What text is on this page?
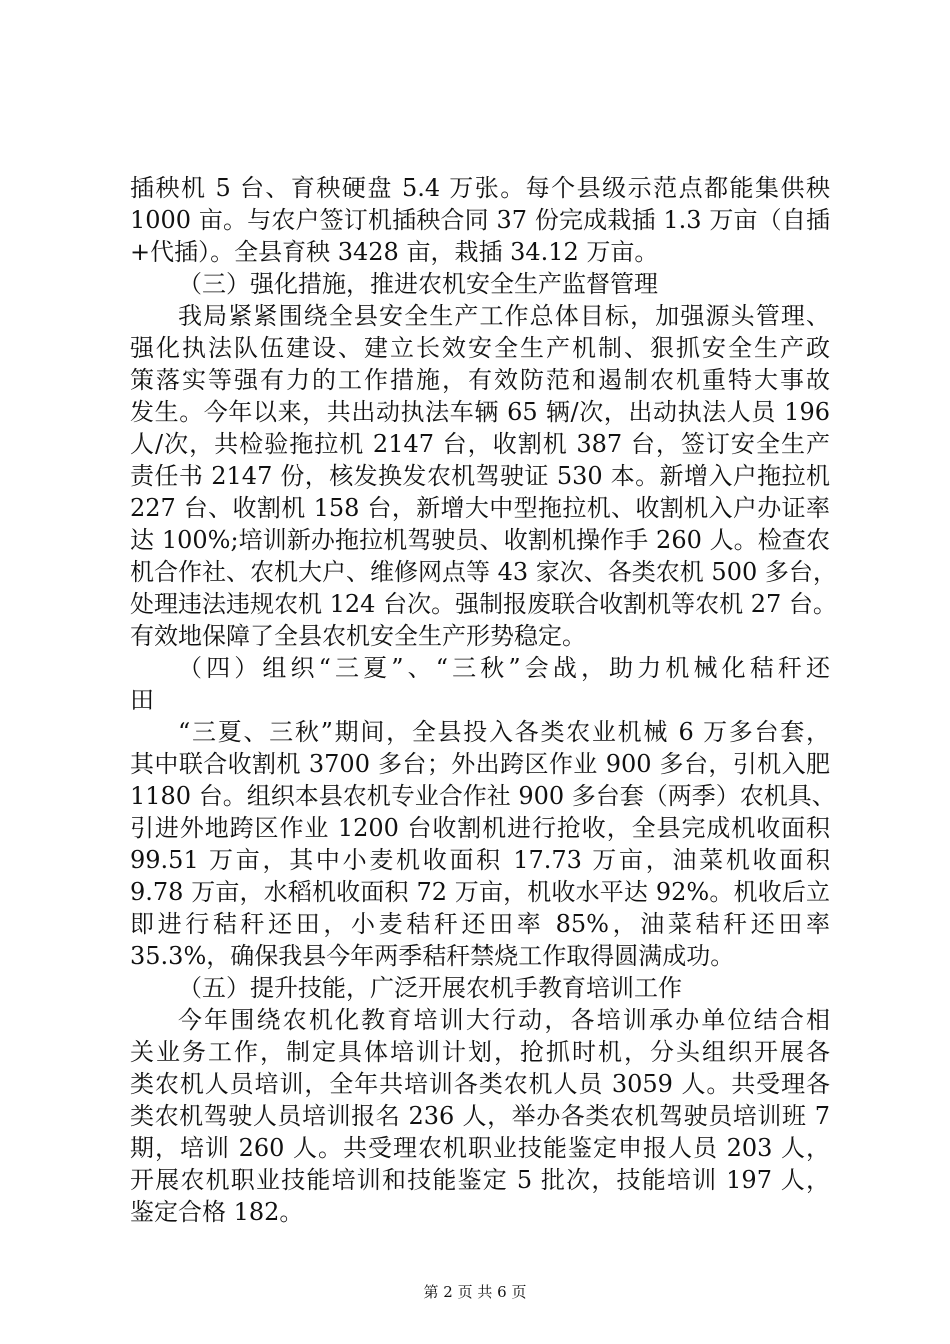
插秧机 5 台、育秧硬盘 5.4 万张。每个县级示范点都能集供秧
1000 亩。与农户签订机插秧合同 37 份完成栽插 1.3 万亩（自插
+代插）。全县育秧 3428 亩，栽插 34.12 万亩。
（三）强化措施，推进农机安全生产监督管理
我局紧紧围绕全县安全生产工作总体目标，加强源头管理、
强化执法队伍建设、建立长效安全生产机制、狠抓安全生产政
策落实等强有力的工作措施，有效防范和遏制农机重特大事故
发生。今年以来，共出动执法车辆 65 辆/次，出动执法人员 196
人/次，共检验拖拉机 2147 台，收割机 387 台，签订安全生产
责任书 2147 份，核发换发农机驾驶证 530 本。新增入户拖拉机
227 台、收割机 158 台，新增大中型拖拉机、收割机入户办证率
达 100%;培训新办拖拉机驾驶员、收割机操作手 260 人。检查农
机合作社、农机大户、维修网点等 43 家次、各类农机 500 多台，
处理违法违规农机 124 台次。强制报废联合收割机等农机 27 台。
有效地保障了全县农机安全生产形势稳定。
（四）组织“三夏”、“三秋”会战，助力机械化秸秆还
田
“三夏、三秋”期间，全县投入各类农业机械 6 万多台套，
其中联合收割机 3700 多台；外出跨区作业 900 多台，引机入肥
1180 台。组织本县农机专业合作社 900 多台套（两季）农机具、
引进外地跨区作业 1200 台收割机进行抢收，全县完成机收面积
99.51 万亩，其中小麦机收面积 17.73 万亩，油菜机收面积
9.78 万亩，水稻机收面积 72 万亩，机收水平达 92%。机收后立
即进行秸秆还田，小麦秸秆还田率 85%，油菜秸秆还田率
35.3%，确保我县今年两季秸秆禁烧工作取得圆满成功。
（五）提升技能，广泛开展农机手教育培训工作
今年围绕农机化教育培训大行动，各培训承办单位结合相
关业务工作，制定具体培训计划，抢抓时机，分头组织开展各
类农机人员培训，全年共培训各类农机人员 3059 人。共受理各
类农机驾驶人员培训报名 236 人，举办各类农机驾驶员培训班 7
期，培训 260 人。共受理农机职业技能鉴定申报人员 203 人，
开展农机职业技能培训和技能鉴定 5 批次，技能培训 197 人，
鉴定合格 182。
第 2 页 共 6 页
